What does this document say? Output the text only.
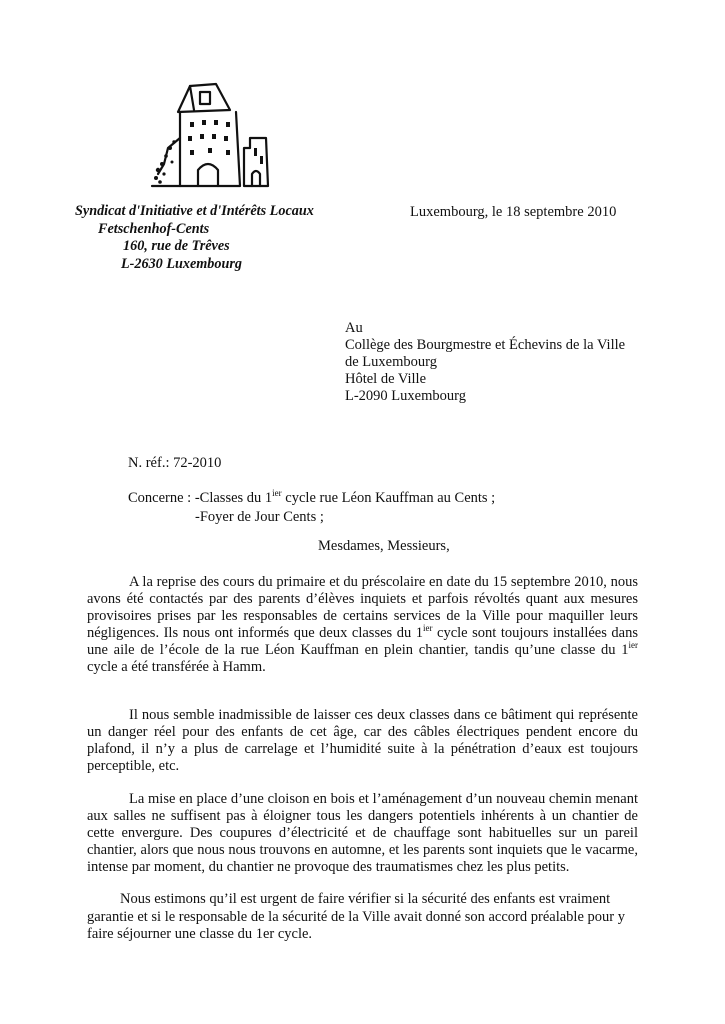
Syndicat d'Initiative et d'Intérêts Locaux
Fetschenhof-Cents
160, rue de Trêves
L-2630 Luxembourg
Luxembourg, le 18 septembre 2010
Au
Collège des Bourgmestre et Échevins de la Ville
de Luxembourg
Hôtel de Ville
L-2090 Luxembourg
N. réf.: 72-2010
Concerne : -Classes du $1^{ier}$ cycle rue Léon Kauffman au Cents ;
-Foyer de Jour Cents ;
Mesdames, Messieurs,
A la reprise des cours du primaire et du préscolaire en date du 15 septembre 2010, nous avons été contactés par des parents d’élèves inquiets et parfois révoltés quant aux mesures provisoires prises par les responsables de certains services de la Ville pour maquiller leurs négligences. Ils nous ont informés que deux classes du $1^{ier}$ cycle sont toujours installées dans une aile de l’école de la rue Léon Kauffman en plein chantier, tandis qu’une classe du $1^{ier}$ cycle a été transférée à Hamm.
Il nous semble inadmissible de laisser ces deux classes dans ce bâtiment qui représente un danger réel pour des enfants de cet âge, car des câbles électriques pendent encore du plafond, il n’y a plus de carrelage et l’humidité suite à la pénétration d’eaux est toujours perceptible, etc.
La mise en place d’une cloison en bois et l’aménagement d’un nouveau chemin menant aux salles ne suffisent pas à éloigner tous les dangers potentiels inhérents à un chantier de cette envergure. Des coupures d’électricité et de chauffage sont habituelles sur un pareil chantier, alors que nous nous trouvons en automne, et les parents sont inquiets que le vacarme, intense par moment, du chantier ne provoque des traumatismes chez les plus petits.
Nous estimons qu’il est urgent de faire vérifier si la sécurité des enfants est vraiment garantie et si le responsable de la sécurité de la Ville avait donné son accord préalable pour y faire séjourner une classe du 1er cycle.
